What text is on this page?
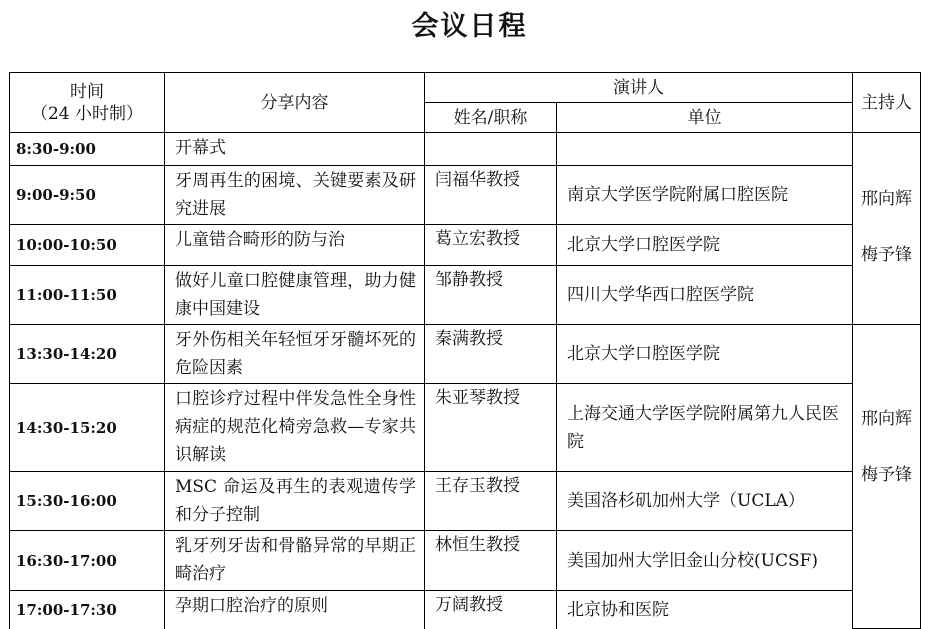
会议日程
时间
（24 小时制）	分享内容	演讲人		主持人
		姓名/职称	单位	
8:30-9:00	开幕式			邢向辉
梅予锋

9:00-9:50	牙周再生的困境、关键要素及研究进展	闫福华教授	南京大学医学院附属口腔医院	
10:00-10:50	儿童错合畸形的防与治	葛立宏教授	北京大学口腔医学院	
11:00-11:50	做好儿童口腔健康管理，助力健康中国建设	邹静教授	四川大学华西口腔医学院	
13:30-14:20	牙外伤相关年轻恒牙牙髓坏死的危险因素	秦满教授	北京大学口腔医学院	邢向辉
梅予锋

14:30-15:20	口腔诊疗过程中伴发急性全身性病症的规范化椅旁急救—专家共识解读	朱亚琴教授	上海交通大学医学院附属第九人民医院	
15:30-16:00	MSC 命运及再生的表观遗传学和分子控制	王存玉教授	美国洛杉矶加州大学（UCLA）	
16:30-17:00	乳牙列牙齿和骨骼异常的早期正畸治疗	林恒生教授	美国加州大学旧金山分校(UCSF)	
17:00-17:30	孕期口腔治疗的原则	万阔教授	北京协和医院	
